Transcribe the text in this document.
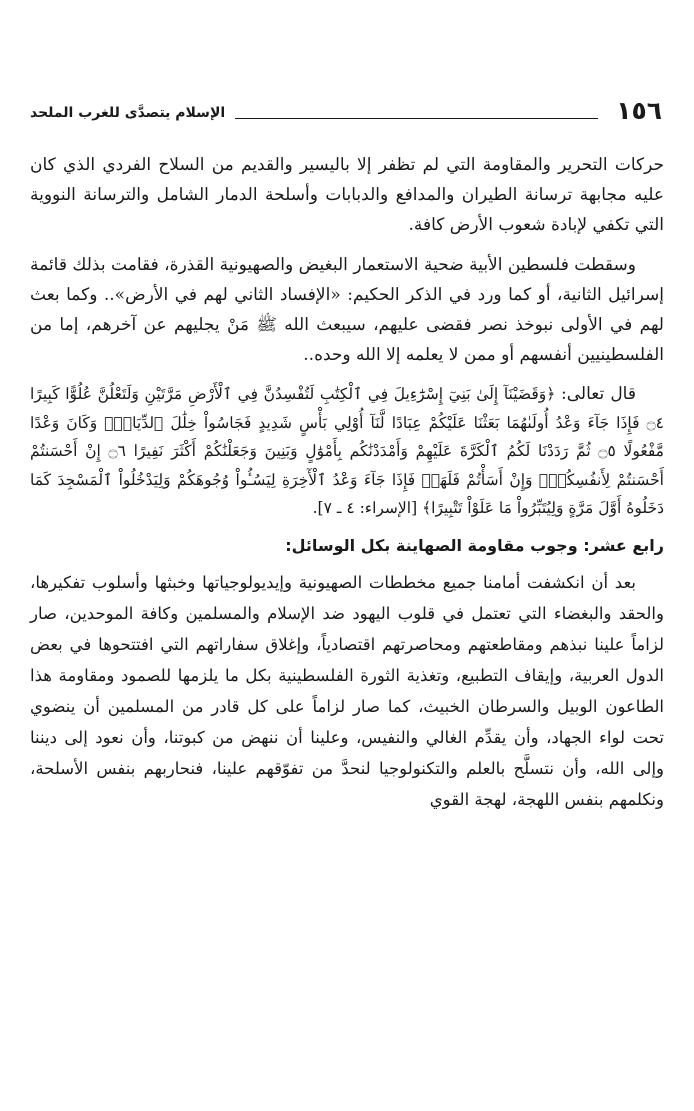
١٥٦
الإسلام يتصدَّى للغرب الملحد

حركات التحرير والمقاومة التي لم تظفر إلا باليسير والقديم من السلاح الفردي الذي كان عليه مجابهة ترسانة الطيران والمدافع والدبابات وأسلحة الدمار الشامل والترسانة النووية التي تكفي لإبادة شعوب الأرض كافة.

وسقطت فلسطين الأبية ضحية الاستعمار البغيض والصهيونية القذرة، فقامت بذلك قائمة إسرائيل الثانية، أو كما ورد في الذكر الحكيم: «الإفساد الثاني لهم في الأرض».. وكما بعث لهم في الأولى نبوخذ نصر فقضى عليهم، سيبعث الله ﷺ مَنْ يجليهم عن آخرهم، إما من الفلسطينيين أنفسهم أو ممن لا يعلمه إلا الله وحده..

قال تعالى: ﴿وَقَضَيْنَآ إِلَىٰ بَنِيٓ إِسْرَٰٓءِيلَ فِي ٱلْكِتَٰبِ لَتُفْسِدُنَّ فِي ٱلْأَرْضِ مَرَّتَيْنِ وَلَتَعْلُنَّ عُلُوًّا كَبِيرًا ۝٤ فَإِذَا جَآءَ وَعْدُ أُولَىٰهُمَا بَعَثْنَا عَلَيْكُمْ عِبَادًا لَّنَآ أُوْلِي بَأْسٍ شَدِيدٍ فَجَاسُواْ خِلَٰلَ ٱلدِّيَارِۚ وَكَانَ وَعْدًا مَّفْعُولًا ۝٥ ثُمَّ رَدَدْنَا لَكُمُ ٱلْكَرَّةَ عَلَيْهِمْ وَأَمْدَدْنَٰكُم بِأَمْوَٰلٍ وَبَنِينَ وَجَعَلْنَٰكُمْ أَكْثَرَ نَفِيرًا ۝٦ إِنْ أَحْسَنتُمْ أَحْسَنتُمْ لِأَنفُسِكُمْۖ وَإِنْ أَسَأْتُمْ فَلَهَاۚ فَإِذَا جَآءَ وَعْدُ ٱلْأٓخِرَةِ لِيَسُـُٔواْ وُجُوهَكُمْ وَلِيَدْخُلُواْ ٱلْمَسْجِدَ كَمَا دَخَلُوهُ أَوَّلَ مَرَّةٍ وَلِيُتَبِّرُواْ مَا عَلَوْاْ تَتْبِيرًا﴾ [الإسراء: ٤ ـ ٧].

رابع عشر: وجوب مقاومة الصهاينة بكل الوسائل:

بعد أن انكشفت أمامنا جميع مخططات الصهيونية وإيديولوجياتها وخبثها وأسلوب تفكيرها، والحقد والبغضاء التي تعتمل في قلوب اليهود ضد الإسلام والمسلمين وكافة الموحدين، صار لزاماً علينا نبذهم ومقاطعتهم ومحاصرتهم اقتصادياً، وإغلاق سفاراتهم التي افتتحوها في بعض الدول العربية، وإيقاف التطبيع، وتغذية الثورة الفلسطينية بكل ما يلزمها للصمود ومقاومة هذا الطاعون الوبيل والسرطان الخبيث، كما صار لزاماً على كل قادر من المسلمين أن ينضوي تحت لواء الجهاد، وأن يقدِّم الغالي والنفيس، وعلينا أن ننهض من كبوتنا، وأن نعود إلى ديننا وإلى الله، وأن نتسلَّح بالعلم والتكنولوجيا لنحدَّ من تفوّقهم علينا، فنحاربهم بنفس الأسلحة، ونكلمهم بنفس اللهجة، لهجة القوي
